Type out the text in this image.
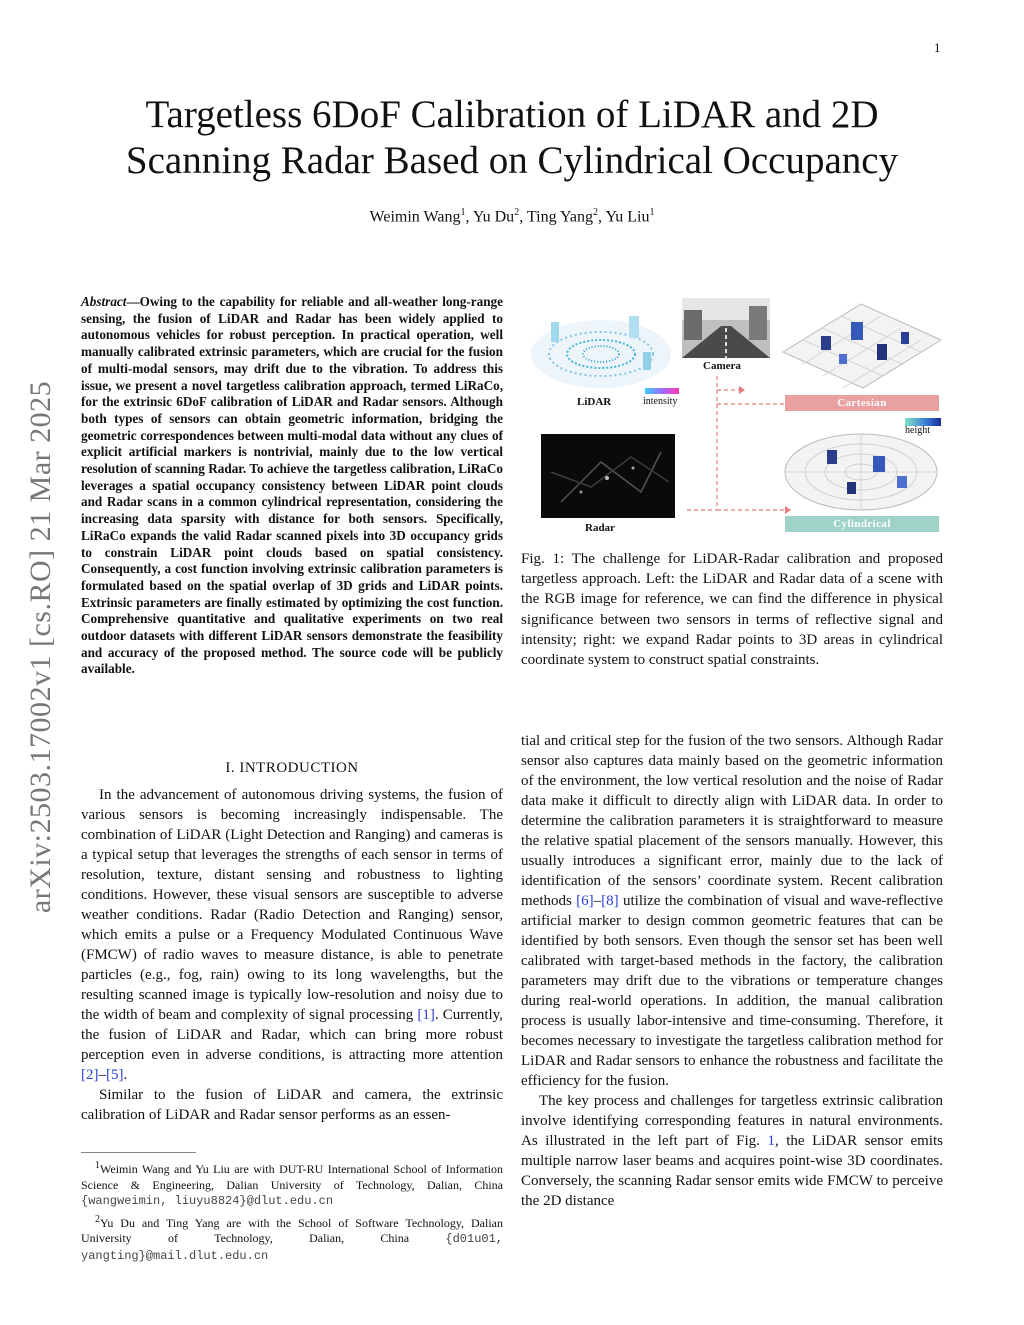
1
arXiv:2503.17002v1 [cs.RO] 21 Mar 2025
Targetless 6DoF Calibration of LiDAR and 2D
Scanning Radar Based on Cylindrical Occupancy
Weimin Wang$^1$, Yu Du$^2$, Ting Yang$^2$, Yu Liu$^1$
Abstract—Owing to the capability for reliable and all-weather long-range sensing, the fusion of LiDAR and Radar has been widely applied to autonomous vehicles for robust perception. In practical operation, well manually calibrated extrinsic parameters, which are crucial for the fusion of multi-modal sensors, may drift due to the vibration. To address this issue, we present a novel targetless calibration approach, termed LiRaCo, for the extrinsic 6DoF calibration of LiDAR and Radar sensors. Although both types of sensors can obtain geometric information, bridging the geometric correspondences between multi-modal data without any clues of explicit artificial markers is nontrivial, mainly due to the low vertical resolution of scanning Radar. To achieve the targetless calibration, LiRaCo leverages a spatial occupancy consistency between LiDAR point clouds and Radar scans in a common cylindrical representation, considering the increasing data sparsity with distance for both sensors. Specifically, LiRaCo expands the valid Radar scanned pixels into 3D occupancy grids to constrain LiDAR point clouds based on spatial consistency. Consequently, a cost function involving extrinsic calibration parameters is formulated based on the spatial overlap of 3D grids and LiDAR points. Extrinsic parameters are finally estimated by optimizing the cost function. Comprehensive quantitative and qualitative experiments on two real outdoor datasets with different LiDAR sensors demonstrate the feasibility and accuracy of the proposed method. The source code will be publicly available.
I. INTRODUCTION

In the advancement of autonomous driving systems, the fusion of various sensors is becoming increasingly indispensable. The combination of LiDAR (Light Detection and Ranging) and cameras is a typical setup that leverages the strengths of each sensor in terms of resolution, texture, distant sensing and robustness to lighting conditions. However, these visual sensors are susceptible to adverse weather conditions. Radar (Radio Detection and Ranging) sensor, which emits a pulse or a Frequency Modulated Continuous Wave (FMCW) of radio waves to measure distance, is able to penetrate particles (e.g., fog, rain) owing to its long wavelengths, but the resulting scanned image is typically low-resolution and noisy due to the width of beam and complexity of signal processing [1]. Currently, the fusion of LiDAR and Radar, which can bring more robust perception even in adverse conditions, is attracting more attention [2]–[5].

Similar to the fusion of LiDAR and camera, the extrinsic calibration of LiDAR and Radar sensor performs as an essen-

$^1$Weimin Wang and Yu Liu are with DUT-RU International School of Information Science & Engineering, Dalian University of Technology, Dalian, China {wangweimin, liuyu8824}@dlut.edu.cn

$^2$Yu Du and Ting Yang are with the School of Software Technology, Dalian University of Technology, Dalian, China {d01u01, yangting}@mail.dlut.edu.cn

LiDAR	intensity
Camera
Cartesian
height
Radar	Cylindrical
Fig. 1: The challenge for LiDAR-Radar calibration and proposed targetless approach. Left: the LiDAR and Radar data of a scene with the RGB image for reference, we can find the difference in physical significance between two sensors in terms of reflective signal and intensity; right: we expand Radar points to 3D areas in cylindrical coordinate system to construct spatial constraints.

tial and critical step for the fusion of the two sensors. Although Radar sensor also captures data mainly based on the geometric information of the environment, the low vertical resolution and the noise of Radar data make it difficult to directly align with LiDAR data. In order to determine the calibration parameters it is straightforward to measure the relative spatial placement of the sensors manually. However, this usually introduces a significant error, mainly due to the lack of identification of the sensors’ coordinate system. Recent calibration methods [6]–[8] utilize the combination of visual and wave-reflective artificial marker to design common geometric features that can be identified by both sensors. Even though the sensor set has been well calibrated with target-based methods in the factory, the calibration parameters may drift due to the vibrations or temperature changes during real-world operations. In addition, the manual calibration process is usually labor-intensive and time-consuming. Therefore, it becomes necessary to investigate the targetless calibration method for LiDAR and Radar sensors to enhance the robustness and facilitate the efficiency for the fusion.

The key process and challenges for targetless extrinsic calibration involve identifying corresponding features in natural environments. As illustrated in the left part of Fig. 1, the LiDAR sensor emits multiple narrow laser beams and acquires point-wise 3D coordinates. Conversely, the scanning Radar sensor emits wide FMCW to perceive the 2D distance
